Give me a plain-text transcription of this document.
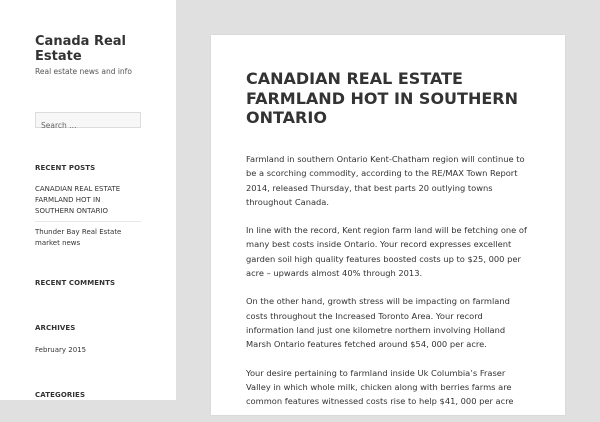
Canada Real Estate
Real estate news and info
Search …
RECENT POSTS
CANADIAN REAL ESTATE FARMLAND HOT IN SOUTHERN ONTARIO
Thunder Bay Real Estate market news
RECENT COMMENTS
ARCHIVES
February 2015
CATEGORIES
CANADIAN REAL ESTATE FARMLAND HOT IN SOUTHERN ONTARIO

Farmland in southern Ontario Kent-Chatham region will continue to be a scorching commodity, according to the RE/MAX Town Report 2014, released Thursday, that best parts 20 outlying towns throughout Canada.

In line with the record, Kent region farm land will be fetching one of many best costs inside Ontario. Your record expresses excellent garden soil high quality features boosted costs up to $25, 000 per acre – upwards almost 40% through 2013.

On the other hand, growth stress will be impacting on farmland costs throughout the Increased Toronto Area. Your record information land just one kilometre northern involving Holland Marsh Ontario features fetched around $54, 000 per acre.

Your desire pertaining to farmland inside Uk Columbia’s Fraser Valley in which whole milk, chicken along with berries farms are common features witnessed costs rise to help $41, 000 per acre
